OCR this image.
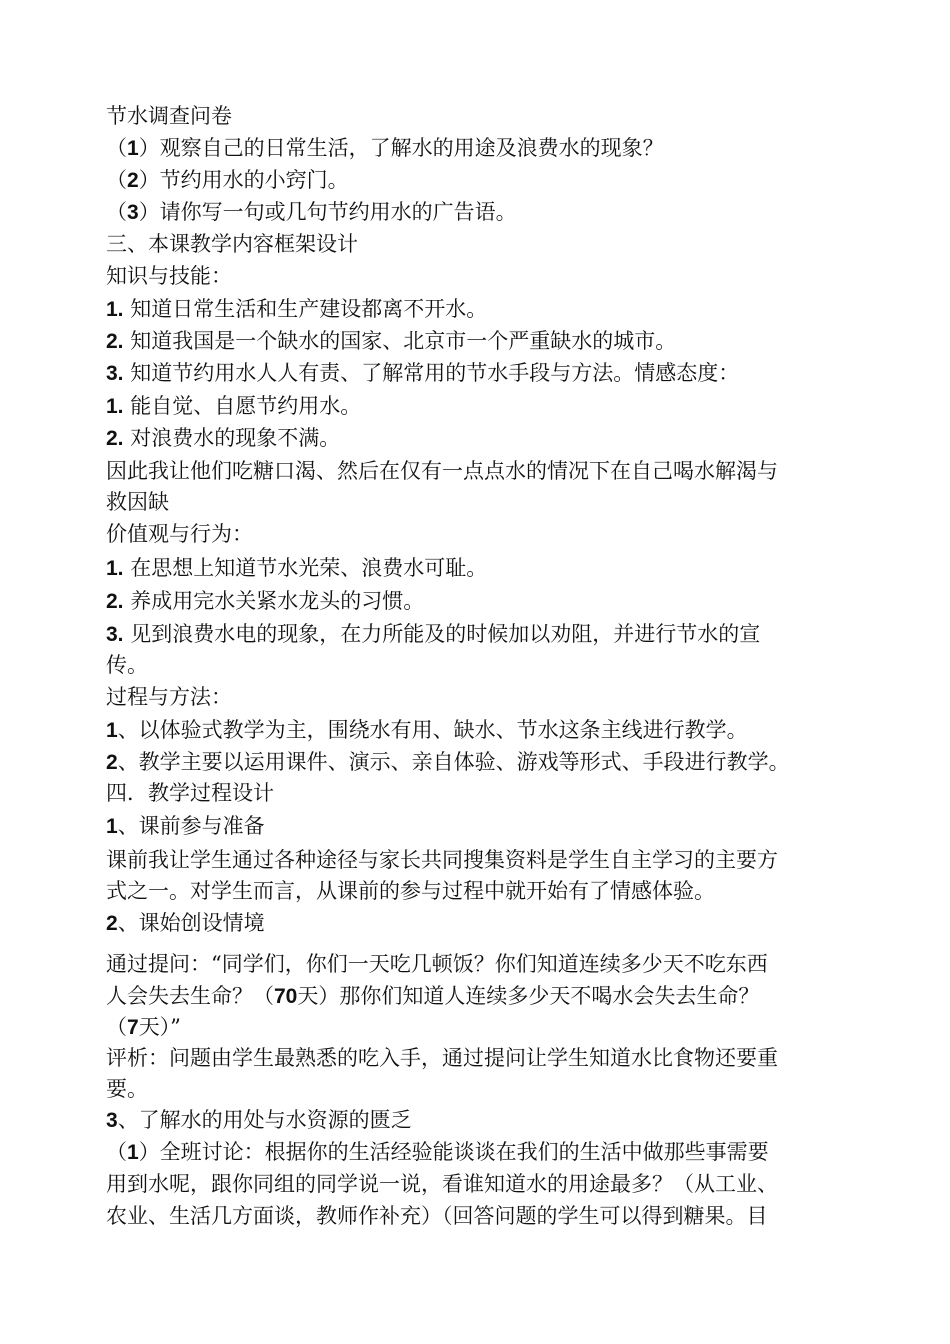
节水调查问卷
（1）观察自己的日常生活，了解水的用途及浪费水的现象？
（2）节约用水的小窍门。
（3）请你写一句或几句节约用水的广告语。
三、本课教学内容框架设计
知识与技能：
1. 知道日常生活和生产建设都离不开水。
2. 知道我国是一个缺水的国家、北京市一个严重缺水的城市。
3. 知道节约用水人人有责、了解常用的节水手段与方法。情感态度：
1. 能自觉、自愿节约用水。
2. 对浪费水的现象不满。
因此我让他们吃糖口渴、然后在仅有一点点水的情况下在自己喝水解渴与
救因缺
价值观与行为：
1. 在思想上知道节水光荣、浪费水可耻。
2. 养成用完水关紧水龙头的习惯。
3. 见到浪费水电的现象，在力所能及的时候加以劝阻，并进行节水的宣
传。
过程与方法：
1、以体验式教学为主，围绕水有用、缺水、节水这条主线进行教学。
2、教学主要以运用课件、演示、亲自体验、游戏等形式、手段进行教学。
四．教学过程设计
1、课前参与准备
课前我让学生通过各种途径与家长共同搜集资料是学生自主学习的主要方
式之一。对学生而言，从课前的参与过程中就开始有了情感体验。
2、课始创设情境
通过提问：“同学们，你们一天吃几顿饭？你们知道连续多少天不吃东西
人会失去生命？（70天）那你们知道人连续多少天不喝水会失去生命？
（7天）”
评析：问题由学生最熟悉的吃入手，通过提问让学生知道水比食物还要重
要。
3、了解水的用处与水资源的匮乏
（1）全班讨论：根据你的生活经验能谈谈在我们的生活中做那些事需要
用到水呢，跟你同组的同学说一说，看谁知道水的用途最多？（从工业、
农业、生活几方面谈，教师作补充）（回答问题的学生可以得到糖果。目
